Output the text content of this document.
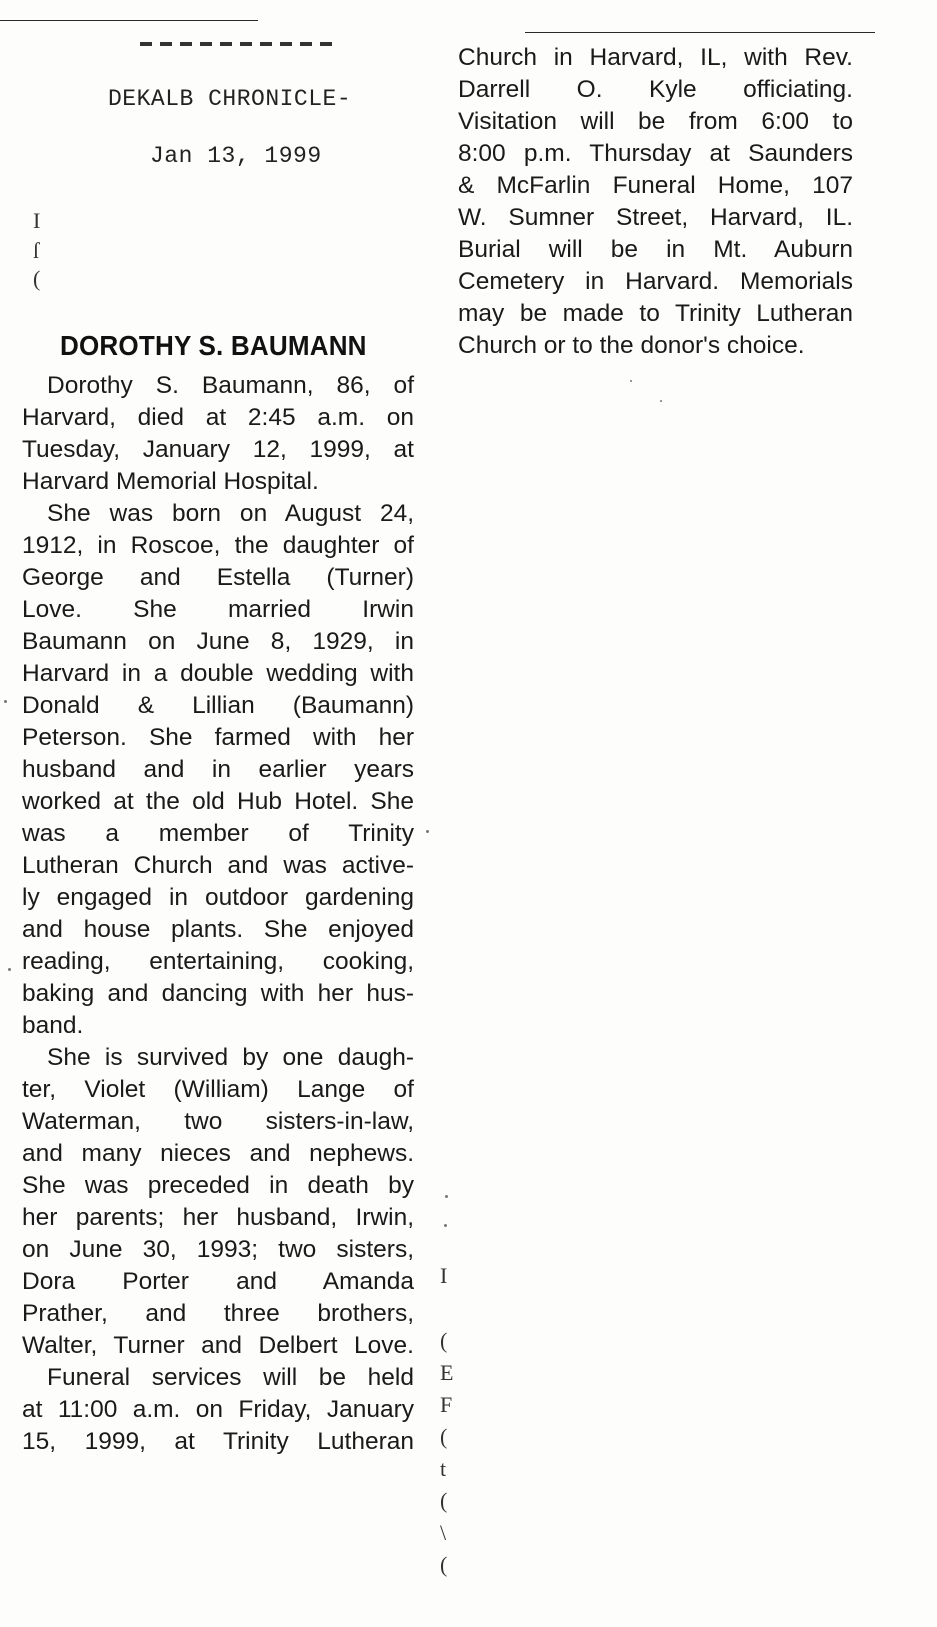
DEKALB CHRONICLE-
Jan 13, 1999
I
ſ
(
DOROTHY S. BAUMANN
Dorothy S. Baumann, 86, of
Harvard, died at 2:45 a.m. on
Tuesday, January 12, 1999, at
Harvard Memorial Hospital.
She was born on August 24,
1912, in Roscoe, the daughter of
George and Estella (Turner)
Love. She married Irwin
Baumann on June 8, 1929, in
Harvard in a double wedding with
Donald & Lillian (Baumann)
Peterson. She farmed with her
husband and in earlier years
worked at the old Hub Hotel. She
was a member of Trinity
Lutheran Church and was active-
ly engaged in outdoor gardening
and house plants. She enjoyed
reading, entertaining, cooking,
baking and dancing with her hus-
band.
She is survived by one daugh-
ter, Violet (William) Lange of
Waterman, two sisters-in-law,
and many nieces and nephews.
She was preceded in death by
her parents; her husband, Irwin,
on June 30, 1993; two sisters,
Dora Porter and Amanda
Prather, and three brothers,
Walter, Turner and Delbert Love.
Funeral services will be held
at 11:00 a.m. on Friday, January
15, 1999, at Trinity Lutheran
Church in Harvard, IL, with Rev.
Darrell O. Kyle officiating.
Visitation will be from 6:00 to
8:00 p.m. Thursday at Saunders
& McFarlin Funeral Home, 107
W. Sumner Street, Harvard, IL.
Burial will be in Mt. Auburn
Cemetery in Harvard. Memorials
may be made to Trinity Lutheran
Church or to the donor's choice.
I
(
E
F
(
t
(
\
(
